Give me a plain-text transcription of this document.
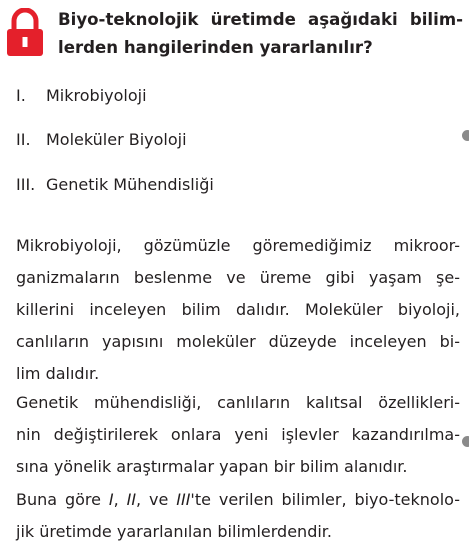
Biyo-teknolojik üretimde aşağıdaki bilim-
lerden hangilerinden yararlanılır?
I. Mikrobiyoloji
II. Moleküler Biyoloji
III. Genetik Mühendisliği
Mikrobiyoloji, gözümüzle göremediğimiz mikroor-
ganizmaların beslenme ve üreme gibi yaşam şe-
killerini inceleyen bilim dalıdır. Moleküler biyoloji,
canlıların yapısını moleküler düzeyde inceleyen bi-
lim dalıdır.
Genetik mühendisliği, canlıların kalıtsal özellikleri-
nin değiştirilerek onlara yeni işlevler kazandırılma-
sına yönelik araştırmalar yapan bir bilim alanıdır.
Buna göre I, II, ve III'te verilen bilimler, biyo-teknolo-
jik üretimde yararlanılan bilimlerdendir.
